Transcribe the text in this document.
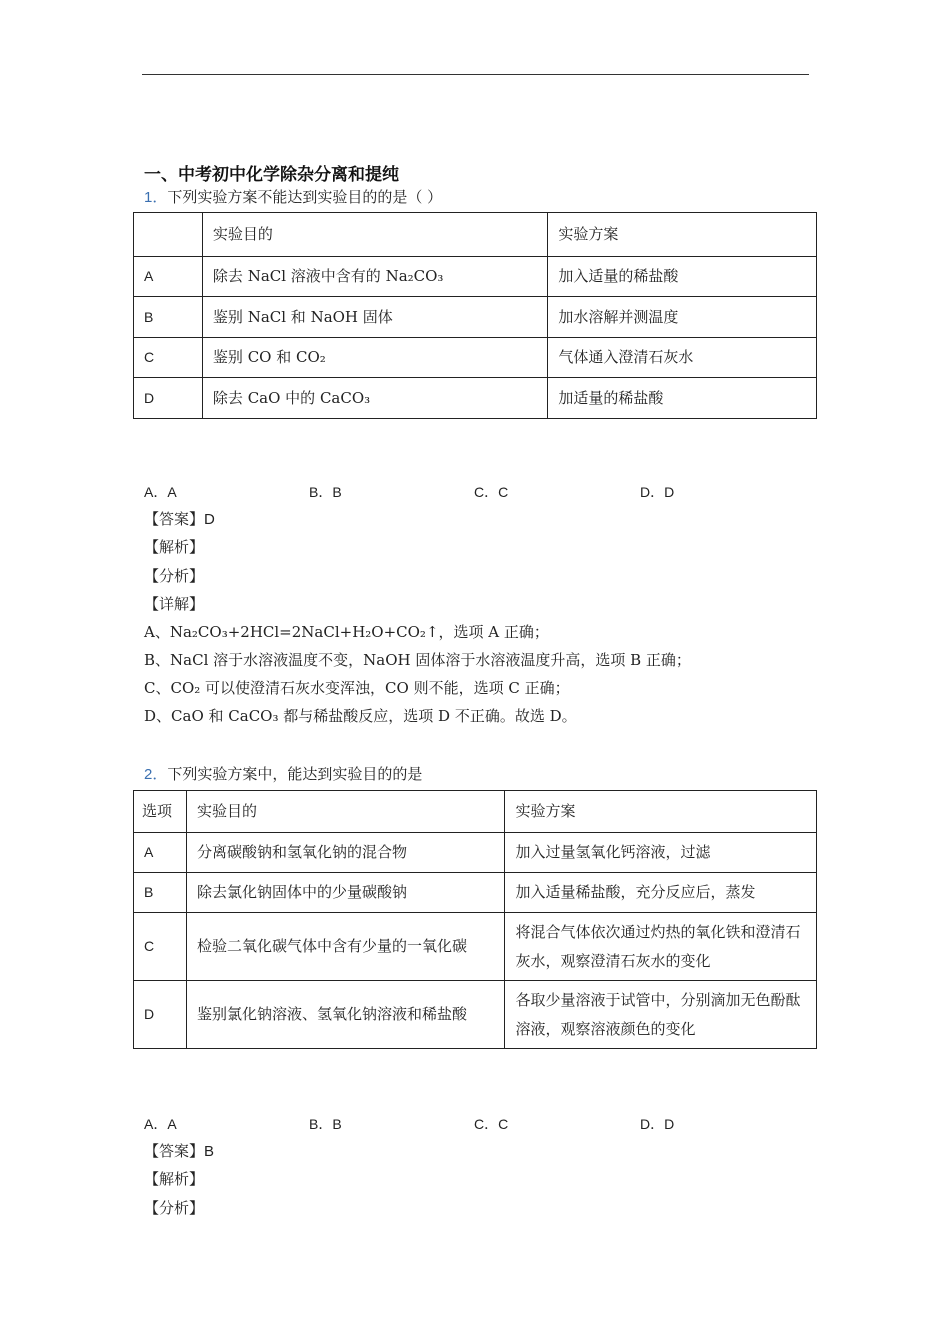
一、中考初中化学除杂分离和提纯
1．下列实验方案不能达到实验目的的是（ ）
	实验目的	实验方案
A	除去 NaCl 溶液中含有的 Na₂CO₃	加入适量的稀盐酸
B	鉴别 NaCl 和 NaOH 固体	加水溶解并测温度
C	鉴别 CO 和 CO₂	气体通入澄清石灰水
D	除去 CaO 中的 CaCO₃	加适量的稀盐酸
A．A	B．B	C．C	D．D
【答案】D
【解析】
【分析】
【详解】
A、Na₂CO₃+2HCl=2NaCl+H₂O+CO₂↑，选项 A 正确；
B、NaCl 溶于水溶液温度不变，NaOH 固体溶于水溶液温度升高，选项 B 正确；
C、CO₂ 可以使澄清石灰水变浑浊，CO 则不能，选项 C 正确；
D、CaO 和 CaCO₃ 都与稀盐酸反应，选项 D 不正确。故选 D。
2．下列实验方案中，能达到实验目的的是
选项	实验目的	实验方案
A	分离碳酸钠和氢氧化钠的混合物	加入过量氢氧化钙溶液，过滤
B	除去氯化钠固体中的少量碳酸钠	加入适量稀盐酸，充分反应后，蒸发
C	检验二氧化碳气体中含有少量的一氧化碳	将混合气体依次通过灼热的氧化铁和澄清石灰水，观察澄清石灰水的变化
D	鉴别氯化钠溶液、氢氧化钠溶液和稀盐酸	各取少量溶液于试管中，分别滴加无色酚酞溶液，观察溶液颜色的变化
A．A	B．B	C．C	D．D
【答案】B
【解析】
【分析】
